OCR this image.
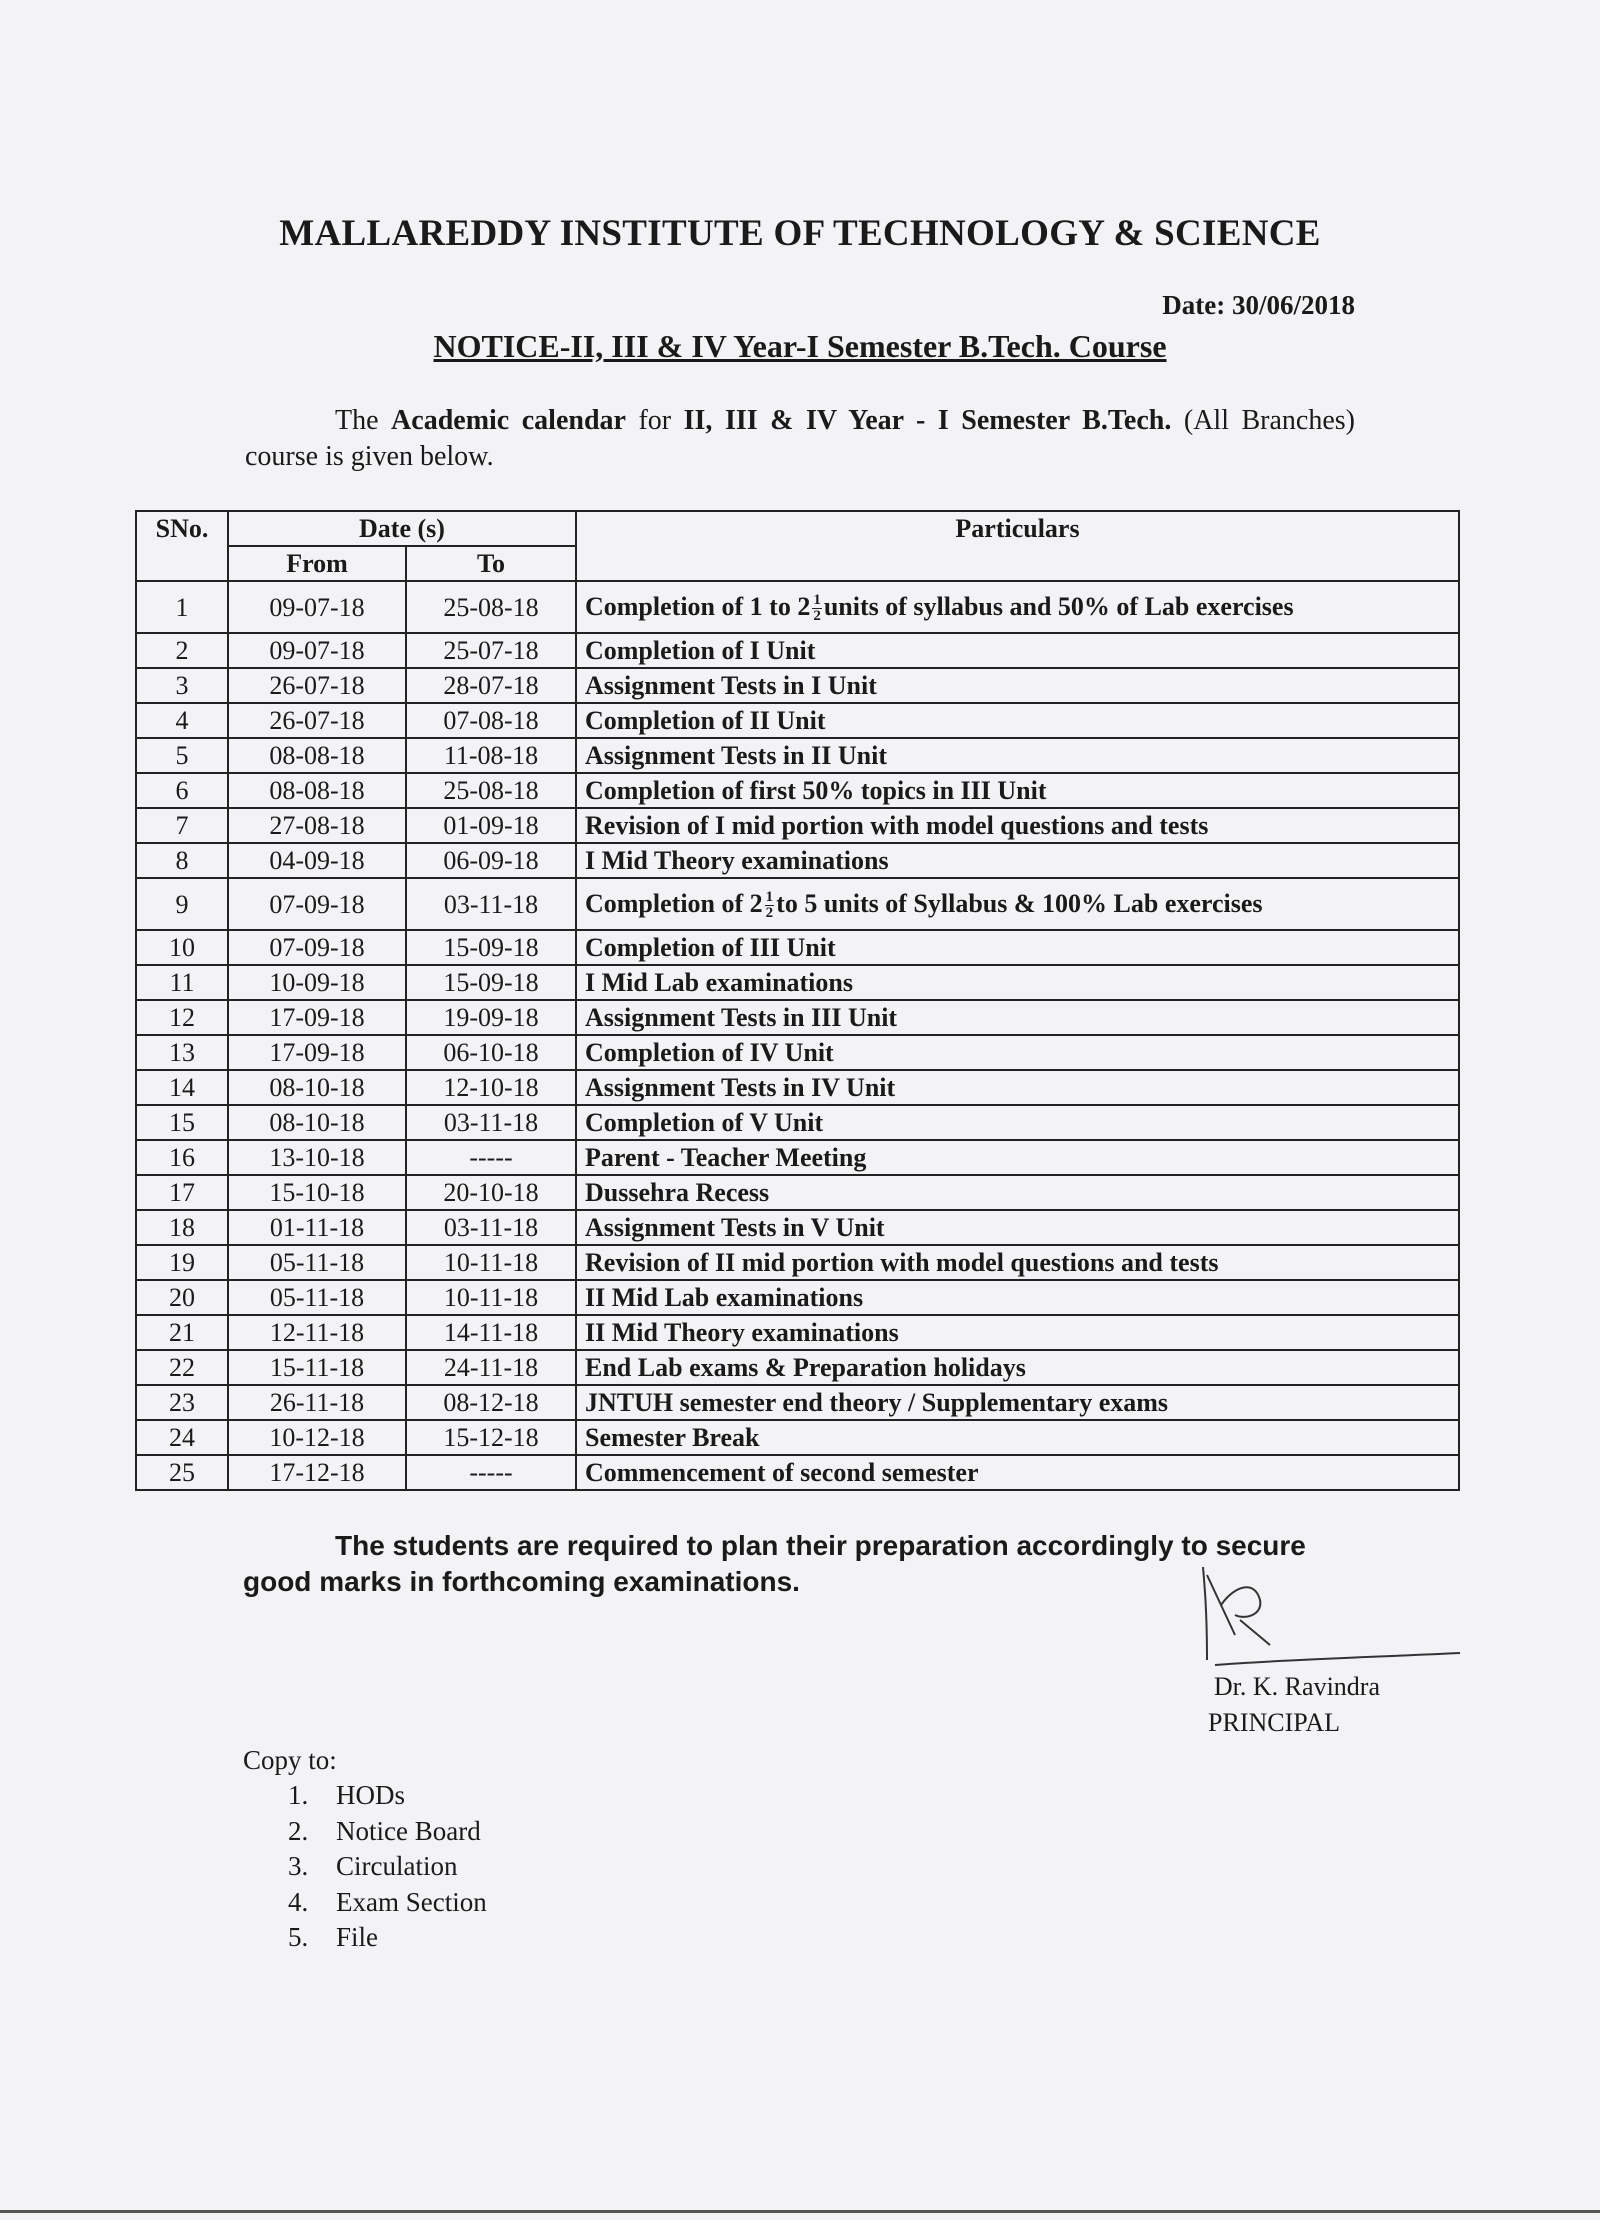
MALLAREDDY INSTITUTE OF TECHNOLOGY & SCIENCE
Date: 30/06/2018
NOTICE-II, III & IV Year-I Semester B.Tech. Course
The Academic calendar for II, III & IV Year - I Semester B.Tech. (All Branches) course is given below.
SNo.	Date (s)		Particulars
	From	To	
1	09-07-18	25-08-18	Completion of 1 to $2 \frac{1}{2}$ units of syllabus and 50% of Lab exercises
2	09-07-18	25-07-18	Completion of I Unit
3	26-07-18	28-07-18	Assignment Tests in I Unit
4	26-07-18	07-08-18	Completion of II Unit
5	08-08-18	11-08-18	Assignment Tests in II Unit
6	08-08-18	25-08-18	Completion of first 50% topics in III Unit
7	27-08-18	01-09-18	Revision of I mid portion with model questions and tests
8	04-09-18	06-09-18	I Mid Theory examinations
9	07-09-18	03-11-18	Completion of $2 \frac{1}{2}$ to 5 units of Syllabus & 100% Lab exercises
10	07-09-18	15-09-18	Completion of III Unit
11	10-09-18	15-09-18	I Mid Lab examinations
12	17-09-18	19-09-18	Assignment Tests in III Unit
13	17-09-18	06-10-18	Completion of IV Unit
14	08-10-18	12-10-18	Assignment Tests in IV Unit
15	08-10-18	03-11-18	Completion of V Unit
16	13-10-18	-----	Parent - Teacher Meeting
17	15-10-18	20-10-18	Dussehra Recess
18	01-11-18	03-11-18	Assignment Tests in V Unit
19	05-11-18	10-11-18	Revision of II mid portion with model questions and tests
20	05-11-18	10-11-18	II Mid Lab examinations
21	12-11-18	14-11-18	II Mid Theory examinations
22	15-11-18	24-11-18	End Lab exams & Preparation holidays
23	26-11-18	08-12-18	JNTUH semester end theory / Supplementary exams
24	10-12-18	15-12-18	Semester Break
25	17-12-18	-----	Commencement of second semester
The students are required to plan their preparation accordingly to secure good marks in forthcoming examinations.
Dr. K. Ravindra
PRINCIPAL
Copy to:
1.	HODs
2.	Notice Board
3.	Circulation
4.	Exam Section
5.	File
